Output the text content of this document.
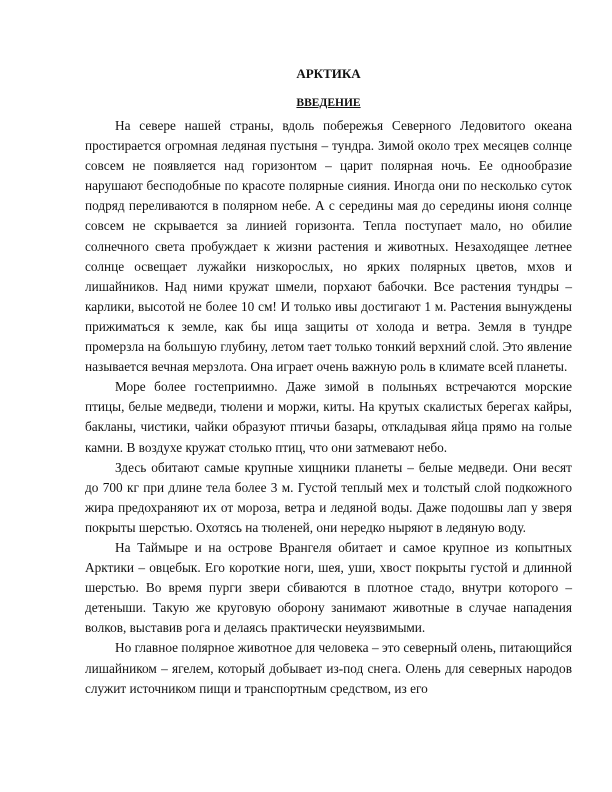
АРКТИКА
ВВЕДЕНИЕ

На севере нашей страны, вдоль побережья Северного Ледовитого океана простирается огромная ледяная пустыня – тундра. Зимой около трех месяцев солнце совсем не появляется над горизонтом – царит полярная ночь. Ее однообразие нарушают бесподобные по красоте полярные сияния. Иногда они по несколько суток подряд переливаются в полярном небе. А с середины мая до середины июня солнце совсем не скрывается за линией горизонта. Тепла поступает мало, но обилие солнечного света пробуждает к жизни растения и животных. Незаходящее летнее солнце освещает лужайки низкорослых, но ярких полярных цветов, мхов и лишайников. Над ними кружат шмели, порхают бабочки. Все растения тундры – карлики, высотой не более 10 см! И только ивы достигают 1 м. Растения вынуждены прижиматься к земле, как бы ища защиты от холода и ветра. Земля в тундре промерзла на большую глубину, летом тает только тонкий верхний слой. Это явление называется вечная мерзлота. Она играет очень важную роль в климате всей планеты.

Море более гостеприимно. Даже зимой в полыньях встречаются морские птицы, белые медведи, тюлени и моржи, киты. На крутых скалистых берегах кайры, бакланы, чистики, чайки образуют птичьи базары, откладывая яйца прямо на голые камни. В воздухе кружат столько птиц, что они затмевают небо.

Здесь обитают самые крупные хищники планеты – белые медведи. Они весят до 700 кг при длине тела более 3 м. Густой теплый мех и толстый слой подкожного жира предохраняют их от мороза, ветра и ледяной воды. Даже подошвы лап у зверя покрыты шерстью. Охотясь на тюленей, они нередко ныряют в ледяную воду.

На Таймыре и на острове Врангеля обитает и самое крупное из копытных Арктики – овцебык. Его короткие ноги, шея, уши, хвост покрыты густой и длинной шерстью. Во время пурги звери сбиваются в плотное стадо, внутри которого – детеныши. Такую же круговую оборону занимают животные в случае нападения волков, выставив рога и делаясь практически неуязвимыми.

Но главное полярное животное для человека – это северный олень, питающийся лишайником – ягелем, который добывает из-под снега. Олень для северных народов служит источником пищи и транспортным средством, из его
